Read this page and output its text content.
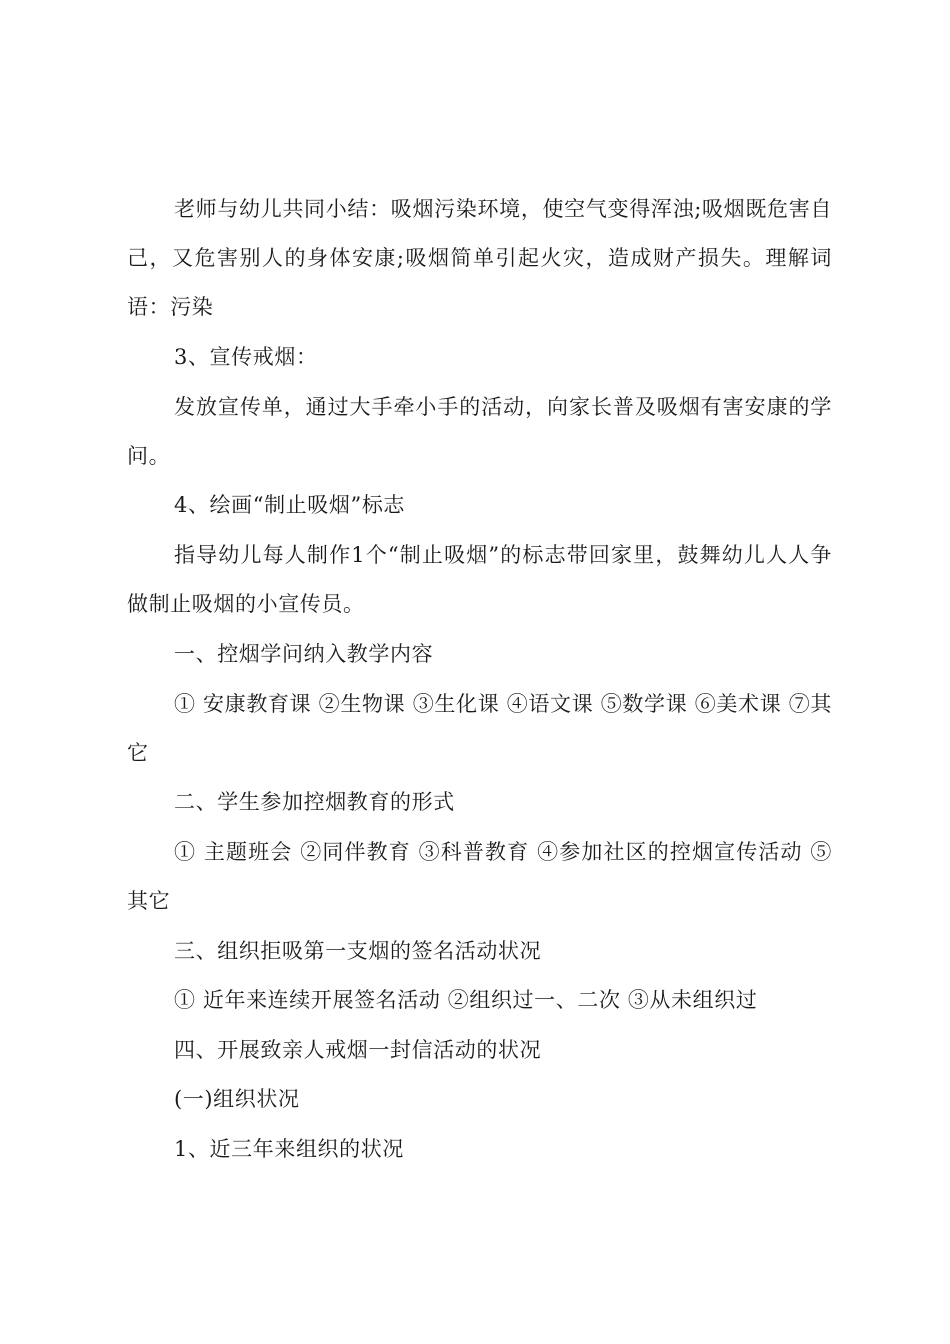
老师与幼儿共同小结：吸烟污染环境，使空气变得浑浊;吸烟既危害自己，又危害别人的身体安康;吸烟简单引起火灾，造成财产损失。理解词语：污染

3、宣传戒烟：

发放宣传单，通过大手牵小手的活动，向家长普及吸烟有害安康的学问。

4、绘画“制止吸烟”标志

指导幼儿每人制作1个“制止吸烟”的标志带回家里，鼓舞幼儿人人争做制止吸烟的小宣传员。

一、控烟学问纳入教学内容

① 安康教育课 ②生物课 ③生化课 ④语文课 ⑤数学课 ⑥美术课 ⑦其它

二、学生参加控烟教育的形式

① 主题班会 ②同伴教育 ③科普教育 ④参加社区的控烟宣传活动 ⑤其它

三、组织拒吸第一支烟的签名活动状况

① 近年来连续开展签名活动 ②组织过一、二次 ③从未组织过

四、开展致亲人戒烟一封信活动的状况

(一)组织状况

1、近三年来组织的状况
